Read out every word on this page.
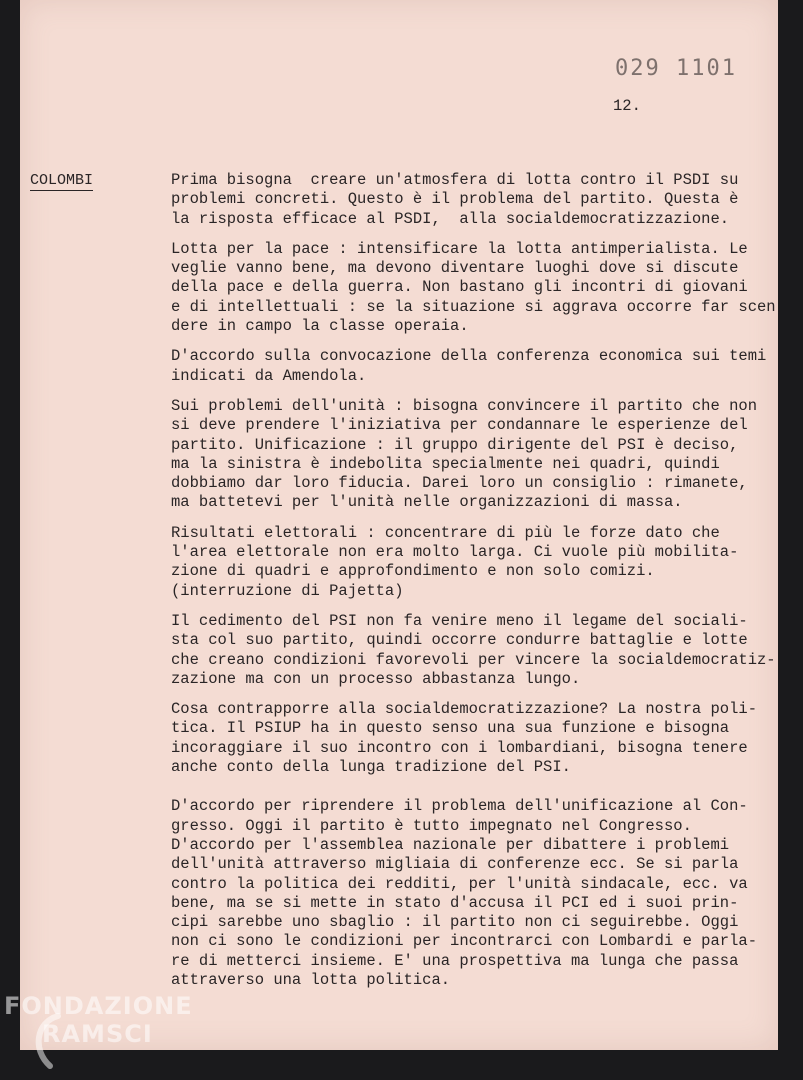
029 1101
12.
COLOMBI	Prima bisogna  creare un'atmosfera di lotta contro il PSDI su
problemi concreti. Questo è il problema del partito. Questa è
la risposta efficace al PSDI,  alla socialdemocratizzazione.
Lotta per la pace : intensificare la lotta antimperialista. Le
veglie vanno bene, ma devono diventare luoghi dove si discute
della pace e della guerra. Non bastano gli incontri di giovani
e di intellettuali : se la situazione si aggrava occorre far scen
dere in campo la classe operaia.
D'accordo sulla convocazione della conferenza economica sui temi
indicati da Amendola.
Sui problemi dell'unità : bisogna convincere il partito che non
si deve prendere l'iniziativa per condannare le esperienze del
partito. Unificazione : il gruppo dirigente del PSI è deciso,
ma la sinistra è indebolita specialmente nei quadri, quindi
dobbiamo dar loro fiducia. Darei loro un consiglio : rimanete,
ma battetevi per l'unità nelle organizzazioni di massa.
Risultati elettorali : concentrare di più le forze dato che
l'area elettorale non era molto larga. Ci vuole più mobilita-
zione di quadri e approfondimento e non solo comizi.
(interruzione di Pajetta)
Il cedimento del PSI non fa venire meno il legame del sociali-
sta col suo partito, quindi occorre condurre battaglie e lotte
che creano condizioni favorevoli per vincere la socialdemocratiz-
zazione ma con un processo abbastanza lungo.
Cosa contrapporre alla socialdemocratizzazione? La nostra poli-
tica. Il PSIUP ha in questo senso una sua funzione e bisogna
incoraggiare il suo incontro con i lombardiani, bisogna tenere
anche conto della lunga tradizione del PSI.
D'accordo per riprendere il problema dell'unificazione al Con-
gresso. Oggi il partito è tutto impegnato nel Congresso.
D'accordo per l'assemblea nazionale per dibattere i problemi
dell'unità attraverso migliaia di conferenze ecc. Se si parla
contro la politica dei redditi, per l'unità sindacale, ecc. va
bene, ma se si mette in stato d'accusa il PCI ed i suoi prin-
cipi sarebbe uno sbaglio : il partito non ci seguirebbe. Oggi
non ci sono le condizioni per incontrarci con Lombardi e parla-
re di metterci insieme. E' una prospettiva ma lunga che passa
attraverso una lotta politica.
FONDAZIONE
RAMSCI
